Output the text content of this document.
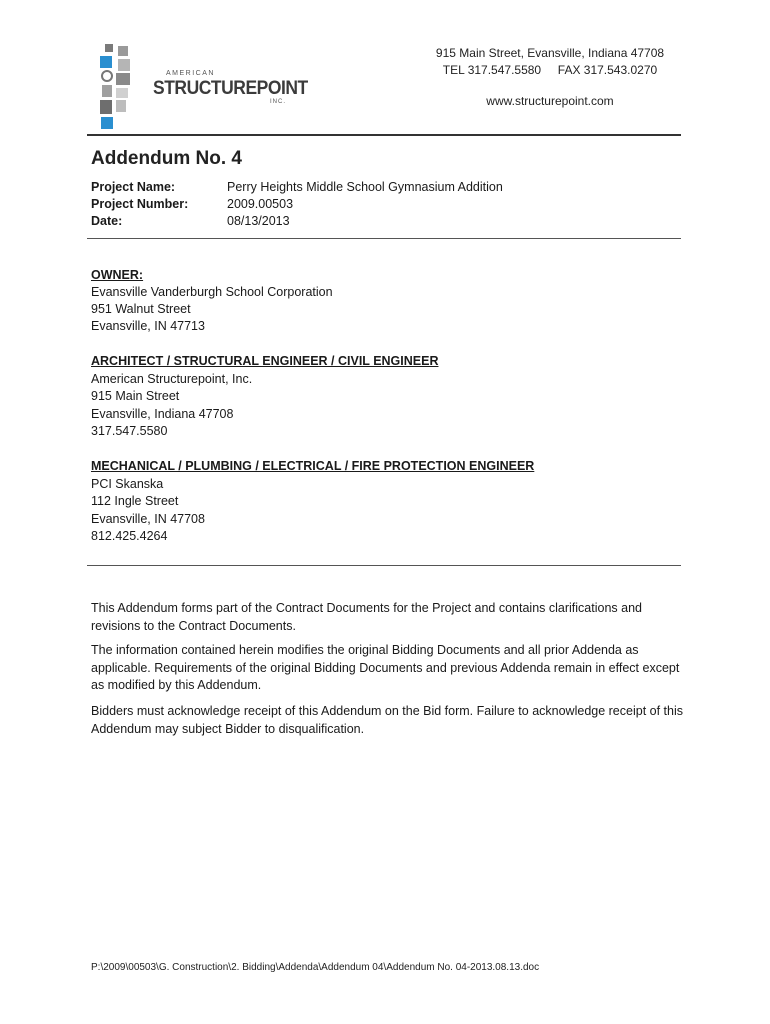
AMERICAN
STRUCTUREPOINT
INC.
915 Main Street, Evansville, Indiana 47708
TEL 317.547.5580     FAX 317.543.0270
www.structurepoint.com
Addendum No. 4
Project Name:	Perry Heights Middle School Gymnasium Addition
Project Number:	2009.00503
Date:	08/13/2013
OWNER:
Evansville Vanderburgh School Corporation
951 Walnut Street
Evansville, IN 47713
ARCHITECT / STRUCTURAL ENGINEER / CIVIL ENGINEER
American Structurepoint, Inc.
915 Main Street
Evansville, Indiana 47708
317.547.5580
MECHANICAL / PLUMBING / ELECTRICAL / FIRE PROTECTION ENGINEER
PCI Skanska
112 Ingle Street
Evansville, IN 47708
812.425.4264
This Addendum forms part of the Contract Documents for the Project and contains clarifications and revisions to the Contract Documents.
The information contained herein modifies the original Bidding Documents and all prior Addenda as applicable. Requirements of the original Bidding Documents and previous Addenda remain in effect except as modified by this Addendum.
Bidders must acknowledge receipt of this Addendum on the Bid form. Failure to acknowledge receipt of this Addendum may subject Bidder to disqualification.
P:\2009\00503\G. Construction\2. Bidding\Addenda\Addendum 04\Addendum No. 04-2013.08.13.doc
